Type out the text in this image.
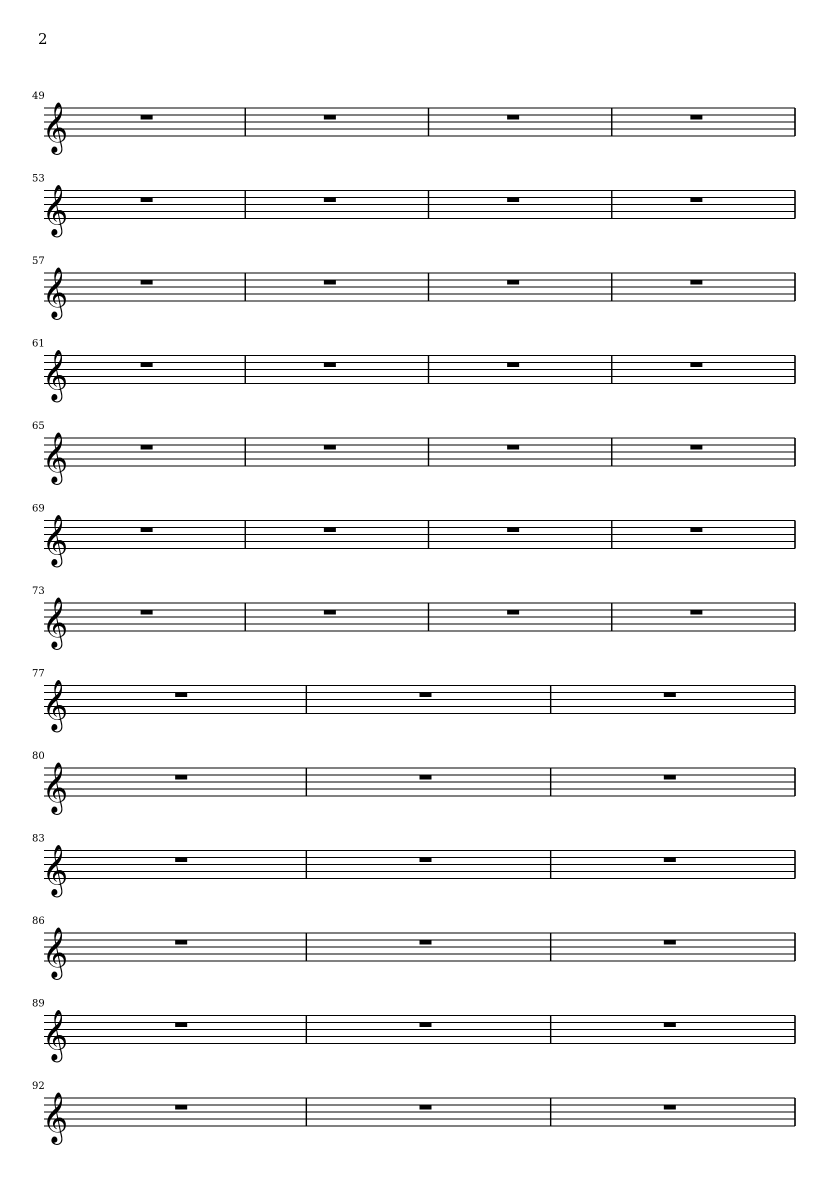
2
49
𝄞
53
𝄞
57
𝄞
61
𝄞
65
𝄞
69
𝄞
73
𝄞
77
𝄞
80
𝄞
83
𝄞
86
𝄞
89
𝄞
92
𝄞
